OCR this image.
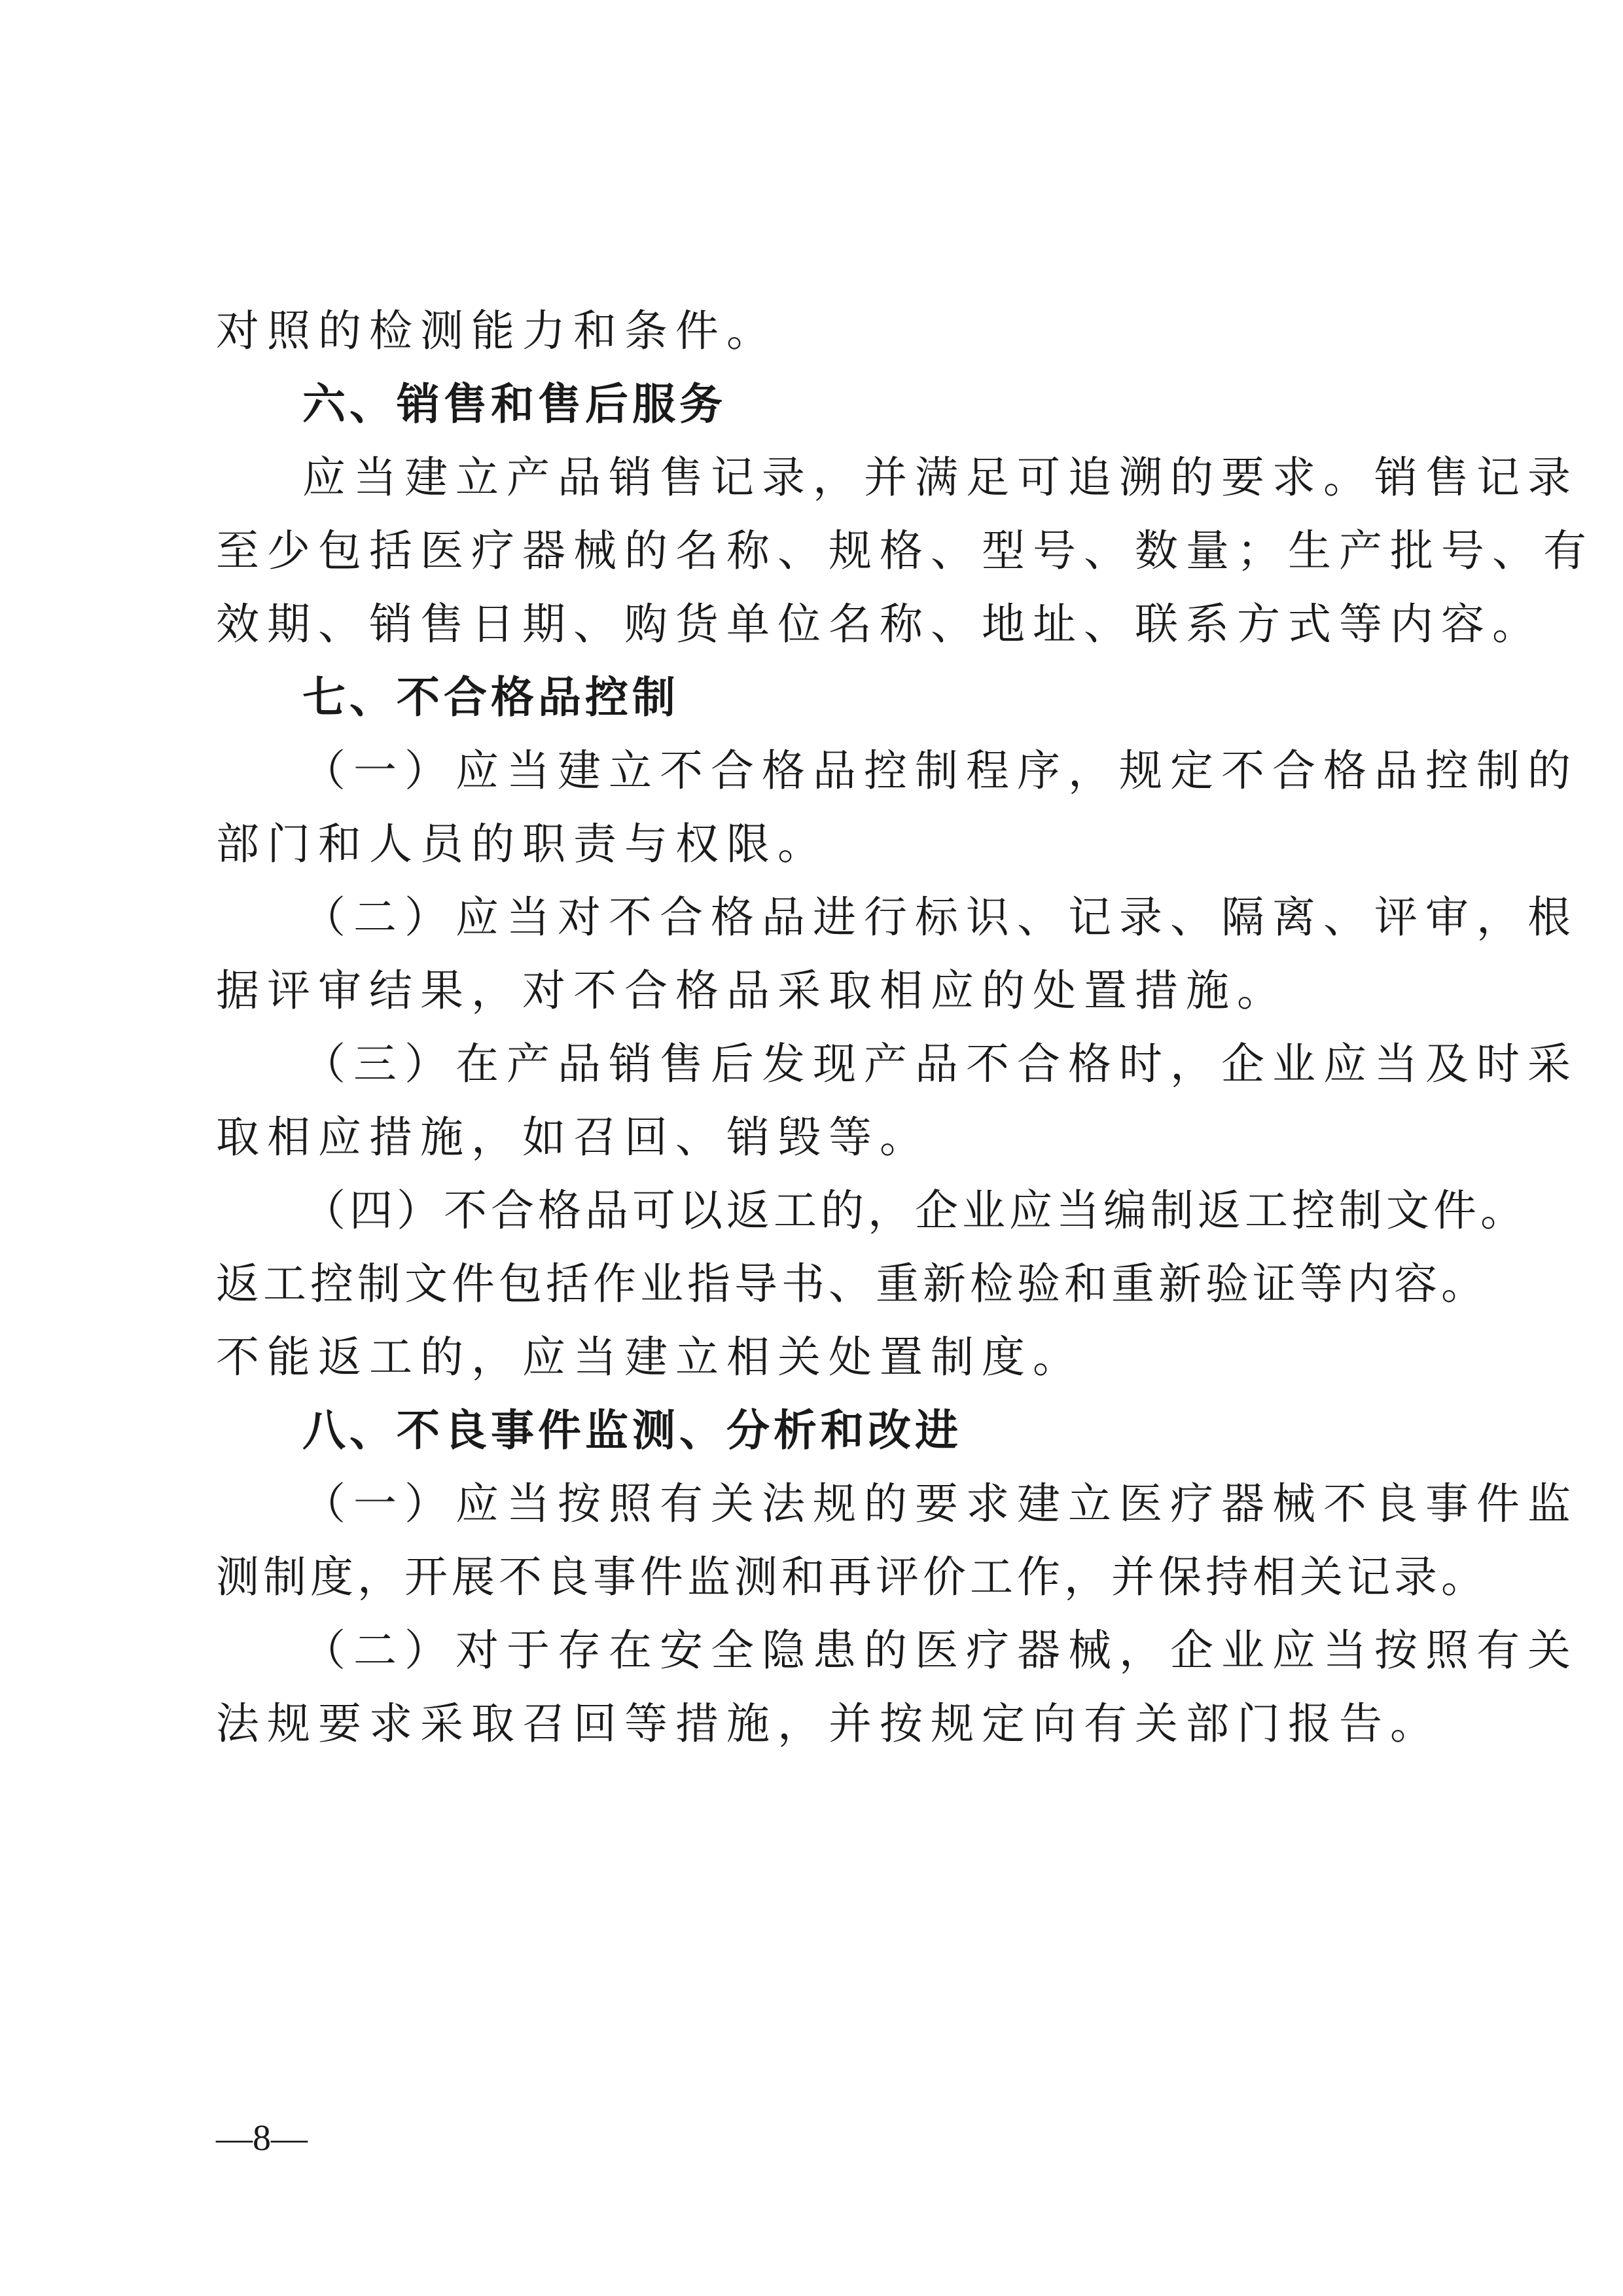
对照的检测能力和条件。
六、销售和售后服务
应当建立产品销售记录，并满足可追溯的要求。销售记录
至少包括医疗器械的名称、规格、型号、数量；生产批号、有
效期、销售日期、购货单位名称、地址、联系方式等内容。
七、不合格品控制
（一）应当建立不合格品控制程序，规定不合格品控制的
部门和人员的职责与权限。
（二）应当对不合格品进行标识、记录、隔离、评审，根
据评审结果，对不合格品采取相应的处置措施。
（三）在产品销售后发现产品不合格时，企业应当及时采
取相应措施，如召回、销毁等。
（四）不合格品可以返工的，企业应当编制返工控制文件。
返工控制文件包括作业指导书、重新检验和重新验证等内容。
不能返工的，应当建立相关处置制度。
八、不良事件监测、分析和改进
（一）应当按照有关法规的要求建立医疗器械不良事件监
测制度，开展不良事件监测和再评价工作，并保持相关记录。
（二）对于存在安全隐患的医疗器械，企业应当按照有关
法规要求采取召回等措施，并按规定向有关部门报告。
—8—
